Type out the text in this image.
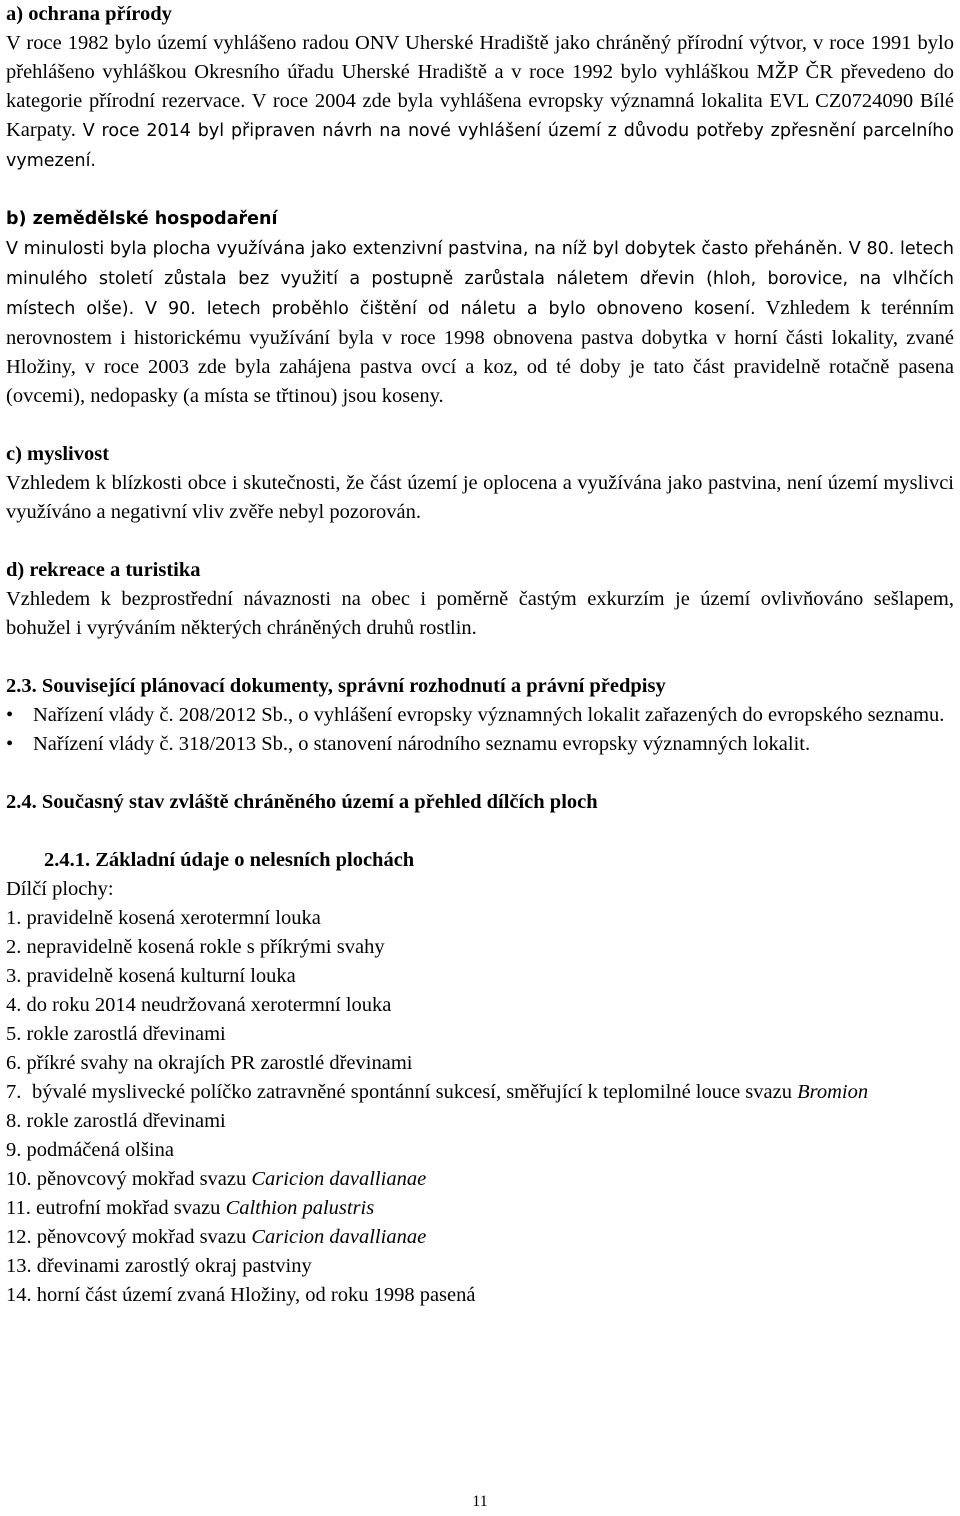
a) ochrana přírody

V roce 1982 bylo území vyhlášeno radou ONV Uherské Hradiště jako chráněný přírodní výtvor, v roce 1991 bylo přehlášeno vyhláškou Okresního úřadu Uherské Hradiště a v roce 1992 bylo vyhláškou MŽP ČR převedeno do kategorie přírodní rezervace. V roce 2004 zde byla vyhlášena evropsky významná lokalita EVL CZ0724090 Bílé Karpaty. V roce 2014 byl připraven návrh na nové vyhlášení území z důvodu potřeby zpřesnění parcelního vymezení.

b) zemědělské hospodaření

V minulosti byla plocha využívána jako extenzivní pastvina, na níž byl dobytek často přeháněn. V 80. letech minulého století zůstala bez využití a postupně zarůstala náletem dřevin (hloh, borovice, na vlhčích místech olše). V 90. letech proběhlo čištění od náletu a bylo obnoveno kosení. Vzhledem k terénním nerovnostem i historickému využívání byla v roce 1998 obnovena pastva dobytka v horní části lokality, zvané Hložiny, v roce 2003 zde byla zahájena pastva ovcí a koz, od té doby je tato část pravidelně rotačně pasena (ovcemi), nedopasky (a místa se třtinou) jsou koseny.

c) myslivost

Vzhledem k blízkosti obce i skutečnosti, že část území je oplocena a využívána jako pastvina, není území myslivci využíváno a negativní vliv zvěře nebyl pozorován.

d) rekreace a turistika

Vzhledem k bezprostřední návaznosti na obec i poměrně častým exkurzím je území ovlivňováno sešlapem, bohužel i vyrýváním některých chráněných druhů rostlin.

2.3. Související plánovací dokumenty, správní rozhodnutí a právní předpisy
• Nařízení vlády č. 208/2012 Sb., o vyhlášení evropsky významných lokalit zařazených do evropského seznamu.
• Nařízení vlády č. 318/2013 Sb., o stanovení národního seznamu evropsky významných lokalit.
2.4. Současný stav zvláště chráněného území a přehled dílčích ploch
2.4.1. Základní údaje o nelesních plochách
Dílčí plochy:
1. pravidelně kosená xerotermní louka
2. nepravidelně kosená rokle s příkrými svahy
3. pravidelně kosená kulturní louka
4. do roku 2014 neudržovaná xerotermní louka
5. rokle zarostlá dřevinami
6. příkré svahy na okrajích PR zarostlé dřevinami
7. bývalé myslivecké políčko zatravněné spontánní sukcesí, směřující k teplomilné louce svazu Bromion
8. rokle zarostlá dřevinami
9. podmáčená olšina
10. pěnovcový mokřad svazu Caricion davallianae
11. eutrofní mokřad svazu Calthion palustris
12. pěnovcový mokřad svazu Caricion davallianae
13. dřevinami zarostlý okraj pastviny
14. horní část území zvaná Hložiny, od roku 1998 pasená
11
